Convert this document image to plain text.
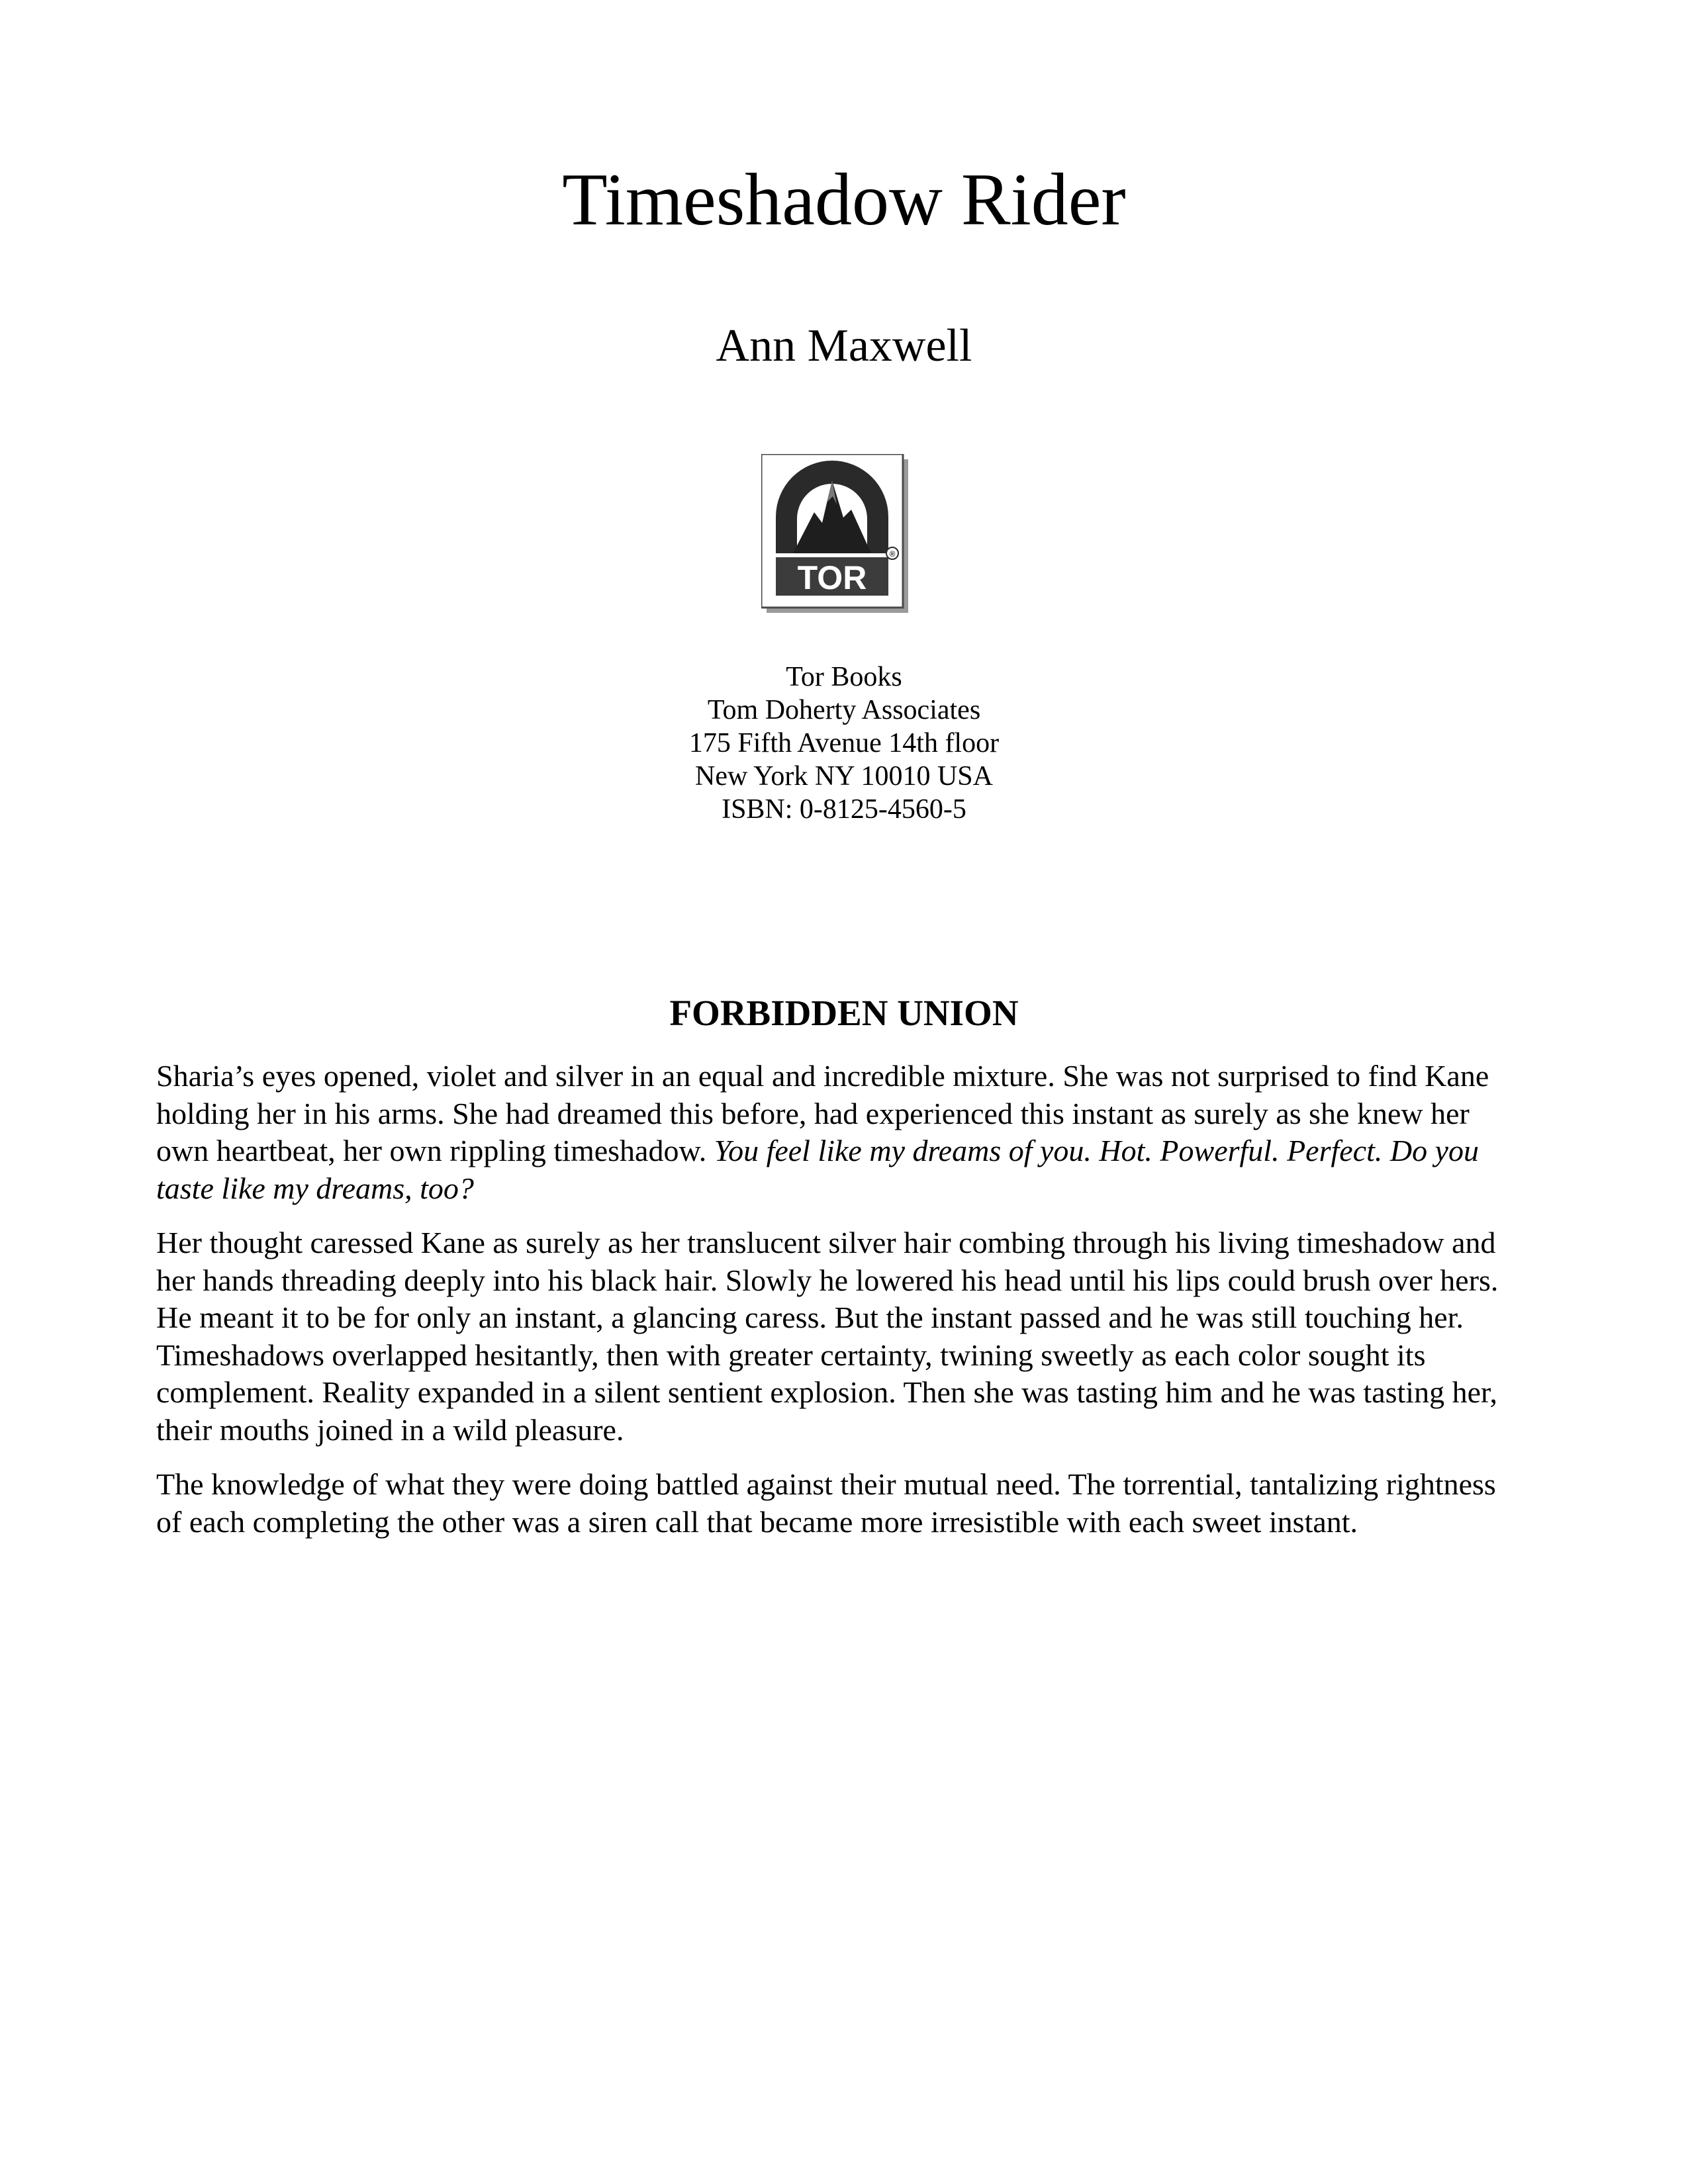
Timeshadow Rider
Ann Maxwell
®
TOR
Tor Books
Tom Doherty Associates
175 Fifth Avenue 14th floor
New York NY 10010 USA
ISBN: 0-8125-4560-5
FORBIDDEN UNION

Sharia’s eyes opened, violet and silver in an equal and incredible mixture. She was not surprised to find Kane holding her in his arms. She had dreamed this before, had experienced this instant as surely as she knew her own heartbeat, her own rippling timeshadow. You feel like my dreams of you. Hot. Powerful. Perfect. Do you taste like my dreams, too?

Her thought caressed Kane as surely as her translucent silver hair combing through his living timeshadow and her hands threading deeply into his black hair. Slowly he lowered his head until his lips could brush over hers. He meant it to be for only an instant, a glancing caress. But the instant passed and he was still touching her. Timeshadows overlapped hesitantly, then with greater certainty, twining sweetly as each color sought its complement. Reality expanded in a silent sentient explosion. Then she was tasting him and he was tasting her, their mouths joined in a wild pleasure.

The knowledge of what they were doing battled against their mutual need. The torrential, tantalizing rightness of each completing the other was a siren call that became more irresistible with each sweet instant.
